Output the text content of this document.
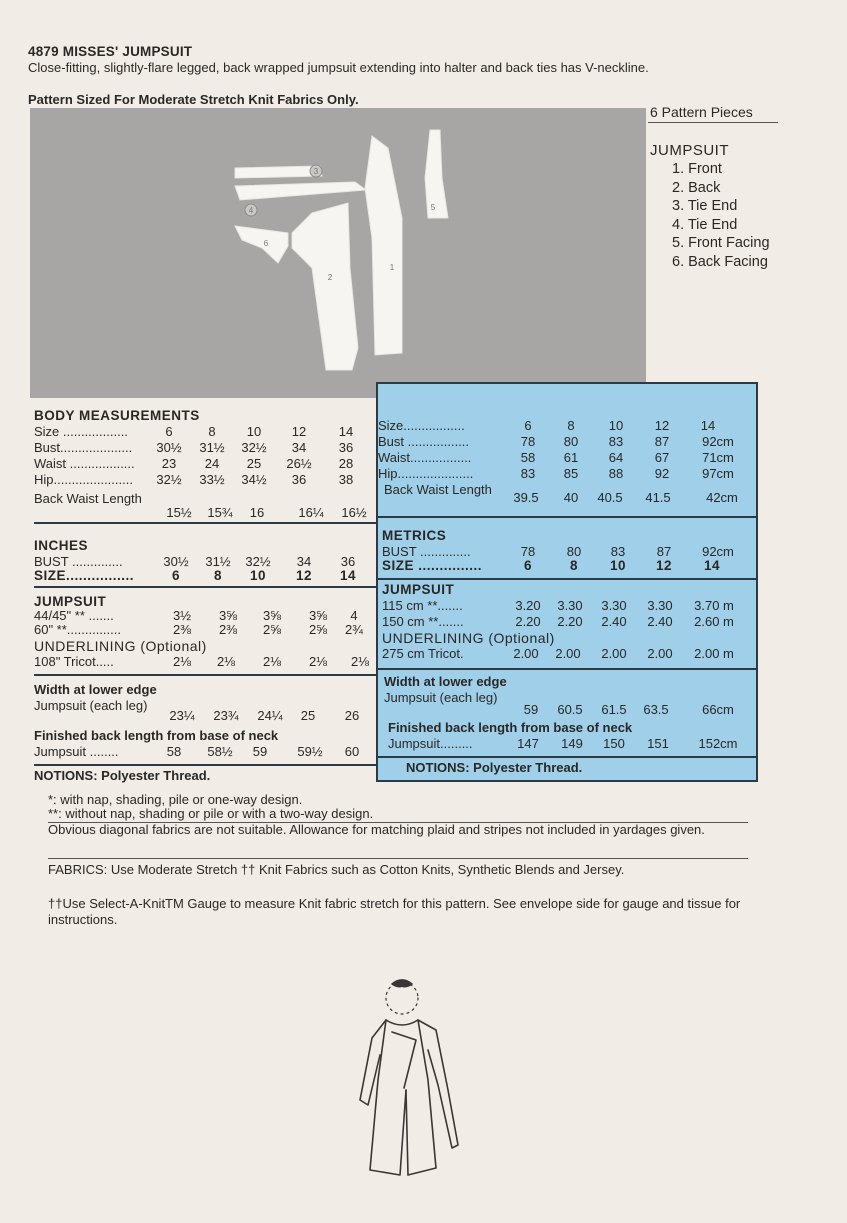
4879 MISSES' JUMPSUIT
Close-fitting, slightly-flare legged, back wrapped jumpsuit extending into halter and back ties has V-neckline.
Pattern Sized For Moderate Stretch Knit Fabrics Only.
1
2
3
4	5
6
6 Pattern Pieces
JUMPSUIT
1. Front
2. Back
3. Tie End
4. Tie End
5. Front Facing
6. Back Facing
BODY MEASUREMENTS
Size ..................	6	8	10	12	14
Bust....................	30½	31½	32½	34	36
Waist ..................	23	24	25	26½	28
Hip......................	32½	33½	34½	36	38
Back Waist Length
15½	15¾	16	16¼	16½
INCHES
BUST ..............	30½	31½	32½	34	36
SIZE................	6	8	10	12	14
JUMPSUIT
44/45" ** .......	3½	3⅝	3⅝	3⅝	4
60" **...............	2⅜	2⅜	2⅝	2⅝	2¾
UNDERLINING (Optional)
108" Tricot.....	2⅛	2⅛	2⅛	2⅛	2⅛
Width at lower edge
Jumpsuit (each leg)
23¼	23¾	24¼	25	26
Finished back length from base of neck
Jumpsuit ........	58	58½	59	59½	60
NOTIONS: Polyester Thread.
Size.................	6	8	10	12	14
Bust .................	78	80	83	87	92cm
Waist.................	58	61	64	67	71cm
Hip.....................	83	85	88	92	97cm
Back Waist Length
39.5	40	40.5	41.5	42cm
METRICS
BUST ..............	78	80	83	87	92cm
SIZE ...............	6	8	10	12	14
JUMPSUIT
115 cm **.......	3.20	3.30	3.30	3.30	3.70 m
150 cm **.......	2.20	2.20	2.40	2.40	2.60 m
UNDERLINING (Optional)
275 cm Tricot.	2.00	2.00	2.00	2.00	2.00 m
Width at lower edge
Jumpsuit (each leg)
59	60.5	61.5	63.5	66cm
Finished back length from base of neck
Jumpsuit.........	147	149	150	151	152cm
NOTIONS: Polyester Thread.
*: with nap, shading, pile or one-way design.
**: without nap, shading or pile or with a two-way design.
Obvious diagonal fabrics are not suitable. Allowance for matching plaid and stripes not included in yardages given.
FABRICS: Use Moderate Stretch †† Knit Fabrics such as Cotton Knits, Synthetic Blends and Jersey.
††Use Select-A-KnitTM Gauge to measure Knit fabric stretch for this pattern. See envelope side for gauge and tissue for instructions.
